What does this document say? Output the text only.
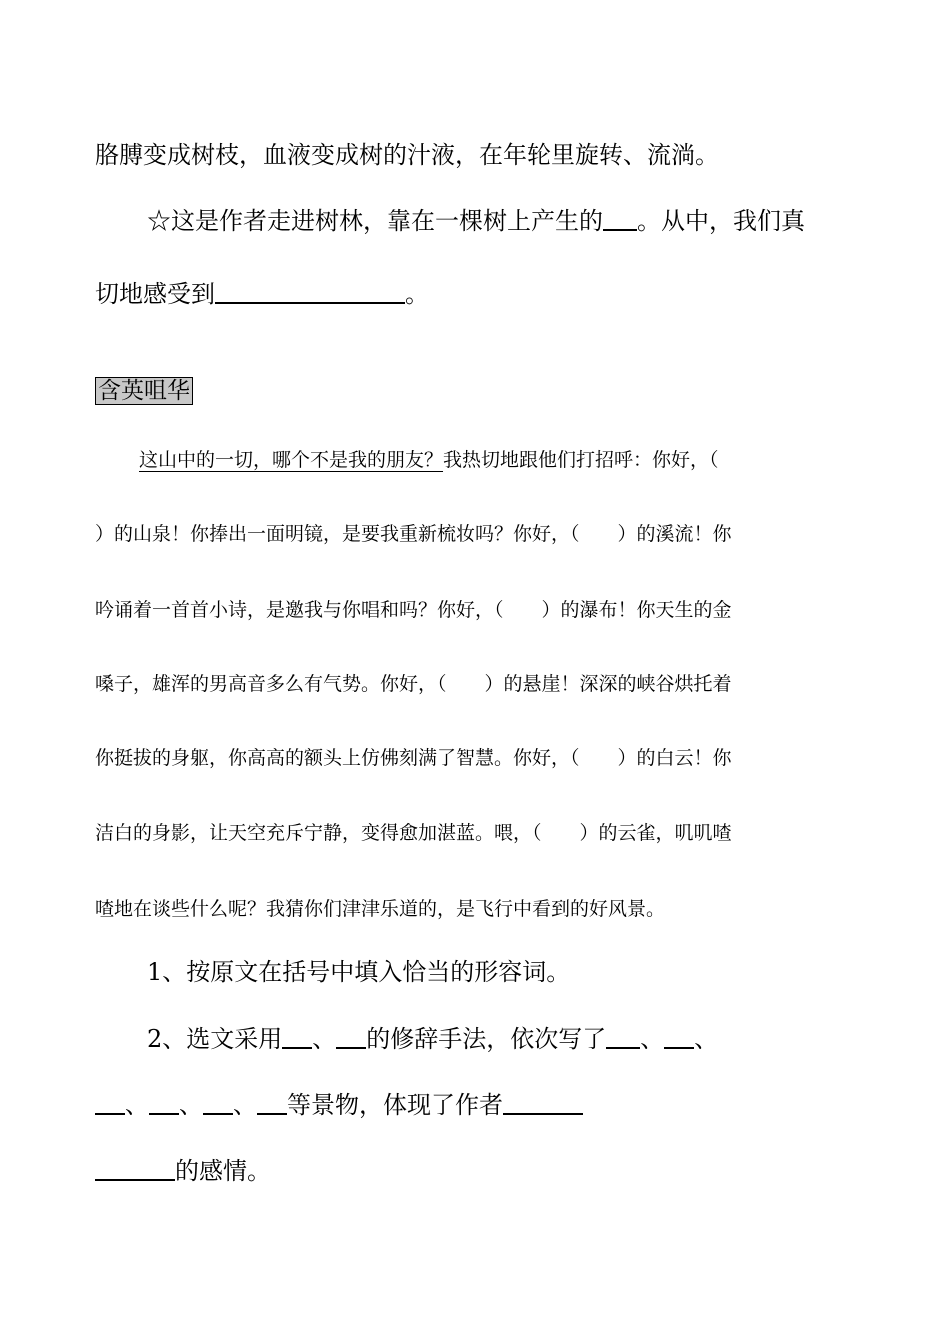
胳膊变成树枝，血液变成树的汁液，在年轮里旋转、流淌。
☆这是作者走进树林，靠在一棵树上产生的 。从中，我们真
切地感受到	。
含英咀华
这山中的一切，哪个不是我的朋友？我热切地跟他们打招呼：你好，（
）的山泉！你捧出一面明镜，是要我重新梳妆吗？你好，（　　）的溪流！你
吟诵着一首首小诗，是邀我与你唱和吗？你好，（　　）的瀑布！你天生的金
嗓子，雄浑的男高音多么有气势。你好，（　　）的悬崖！深深的峡谷烘托着
你挺拔的身躯，你高高的额头上仿佛刻满了智慧。你好，（　　）的白云！你
洁白的身影，让天空充斥宁静，变得愈加湛蓝。喂，（　　）的云雀，叽叽喳
喳地在谈些什么呢？我猜你们津津乐道的，是飞行中看到的好风景。
1、按原文在括号中填入恰当的形容词。
2、选文采用 、 的修辞手法，依次写了 、 、
、 、 、 等景物，体现了作者
的感情。
